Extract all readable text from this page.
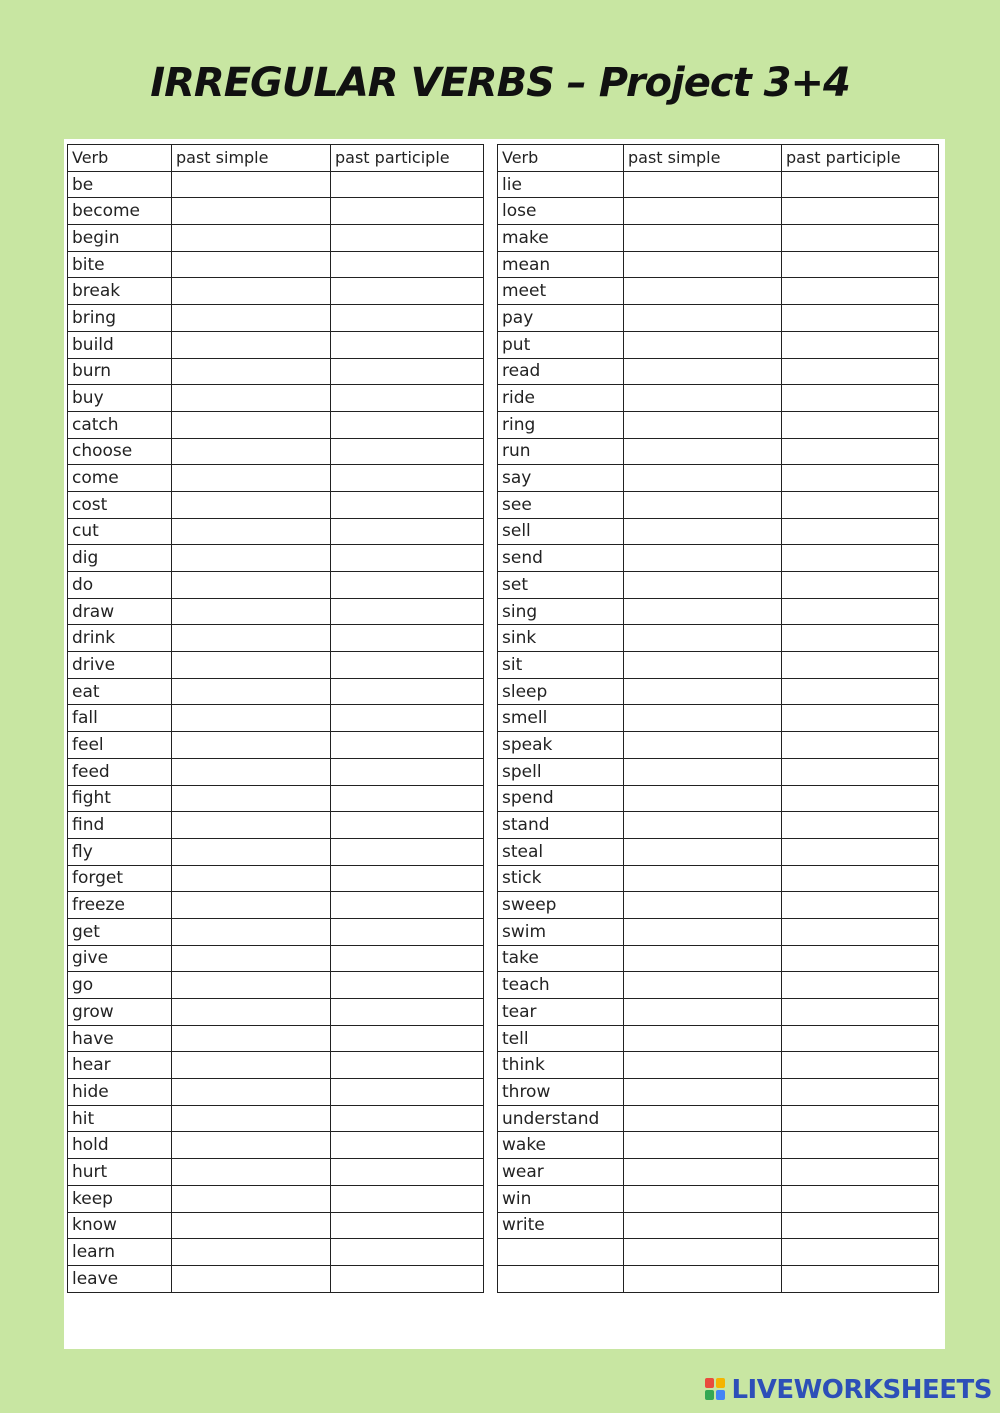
IRREGULAR VERBS – Project 3+4
Verb	past simple	past participle
be		
become		
begin		
bite		
break		
bring		
build		
burn		
buy		
catch		
choose		
come		
cost		
cut		
dig		
do		
draw		
drink		
drive		
eat		
fall		
feel		
feed		
fight		
find		
fly		
forget		
freeze		
get		
give		
go		
grow		
have		
hear		
hide		
hit		
hold		
hurt		
keep		
know		
learn		
leave		
Verb	past simple	past participle
lie		
lose		
make		
mean		
meet		
pay		
put		
read		
ride		
ring		
run		
say		
see		
sell		
send		
set		
sing		
sink		
sit		
sleep		
smell		
speak		
spell		
spend		
stand		
steal		
stick		
sweep		
swim		
take		
teach		
tear		
tell		
think		
throw		
understand		
wake		
wear		
win		
write		

LIVEWORKSHEETS
